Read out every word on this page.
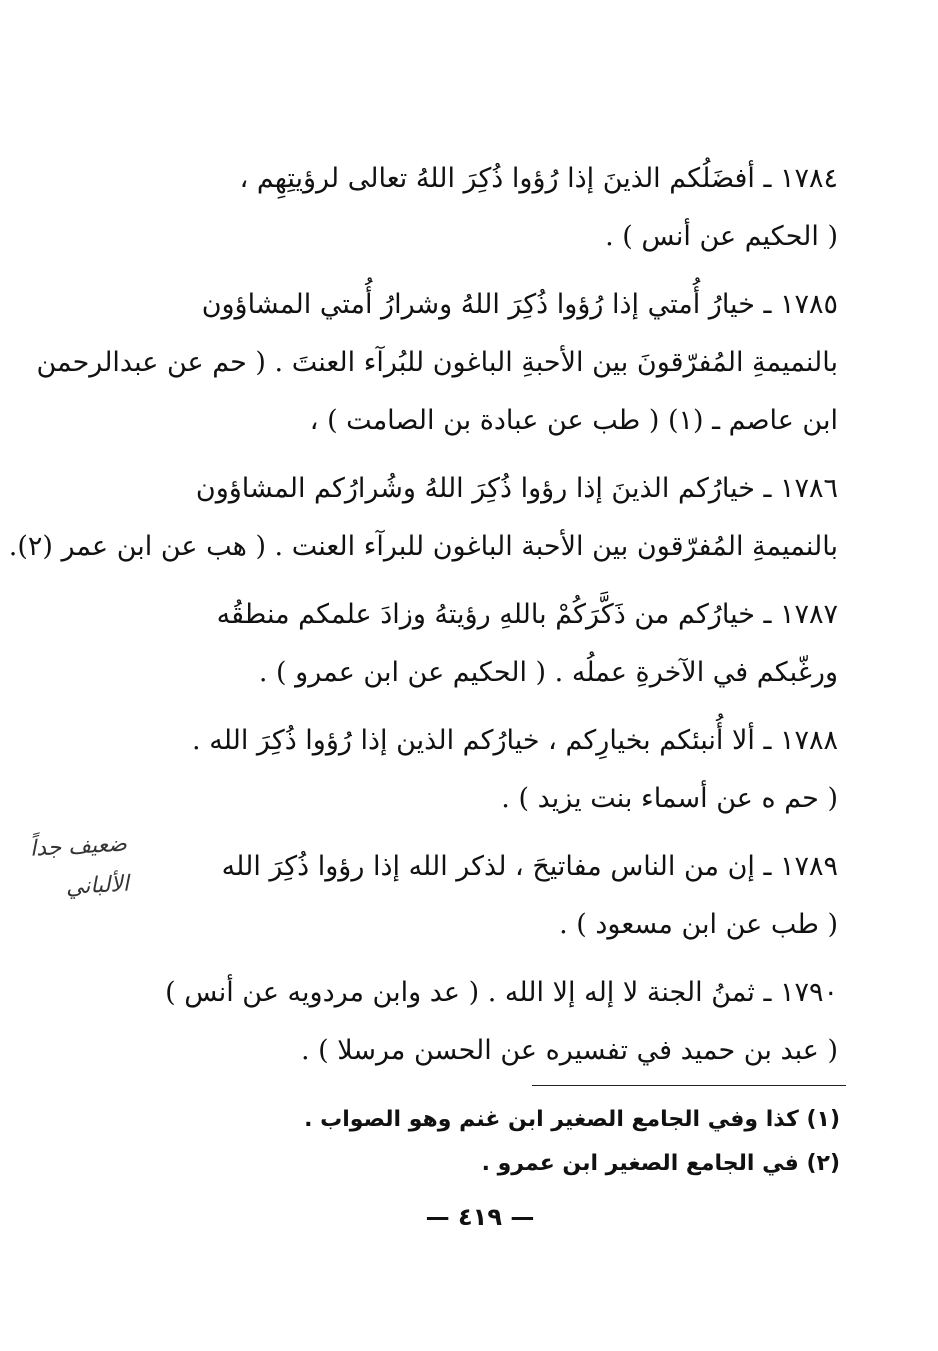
١٧٨٤ ـ أفضَلُكم الذينَ إذا رُؤوا ذُكِرَ اللهُ تعالى لرؤيتِهِم ،
( الحكيم عن أنس ) .
١٧٨٥ ـ خيارُ أُمتي إذا رُؤوا ذُكِرَ اللهُ وشرارُ أُمتي المشاؤون
بالنميمةِ المُفرّقونَ بين الأحبةِ الباغون للبُرآء العنتَ . ( حم عن عبدالرحمن
ابن عاصم ـ (١) ( طب عن عبادة بن الصامت ) ،
١٧٨٦ ـ خيارُكم الذينَ إذا رؤوا ذُكِرَ اللهُ وشُرارُكم المشاؤون
بالنميمةِ المُفرّقون بين الأحبة الباغون للبرآء العنت . ( هب عن ابن عمر (٢).
١٧٨٧ ـ خيارُكم من ذَكَّرَكُمْ باللهِ رؤيتهُ وزادَ علمكم منطقُه
ورغّبكم في الآخرةِ عملُه . ( الحكيم عن ابن عمرو ) .
١٧٨٨ ـ ألا أُنبئكم بخيارِكم ، خيارُكم الذين إذا رُؤوا ذُكِرَ الله .
( حم ه عن أسماء بنت يزيد ) .
١٧٨٩ ـ إن من الناس مفاتيحَ ، لذكر الله إذا رؤوا ذُكِرَ الله
( طب عن ابن مسعود ) .
١٧٩٠ ـ ثمنُ الجنة لا إله إلا الله . ( عد وابن مردويه عن أنس )
( عبد بن حميد في تفسيره عن الحسن مرسلا ) .
ضعيف جداً
الألباني
(١) كذا وفي الجامع الصغير ابن غنم وهو الصواب .
(٢) في الجامع الصغير ابن عمرو .
— ٤١٩ —
